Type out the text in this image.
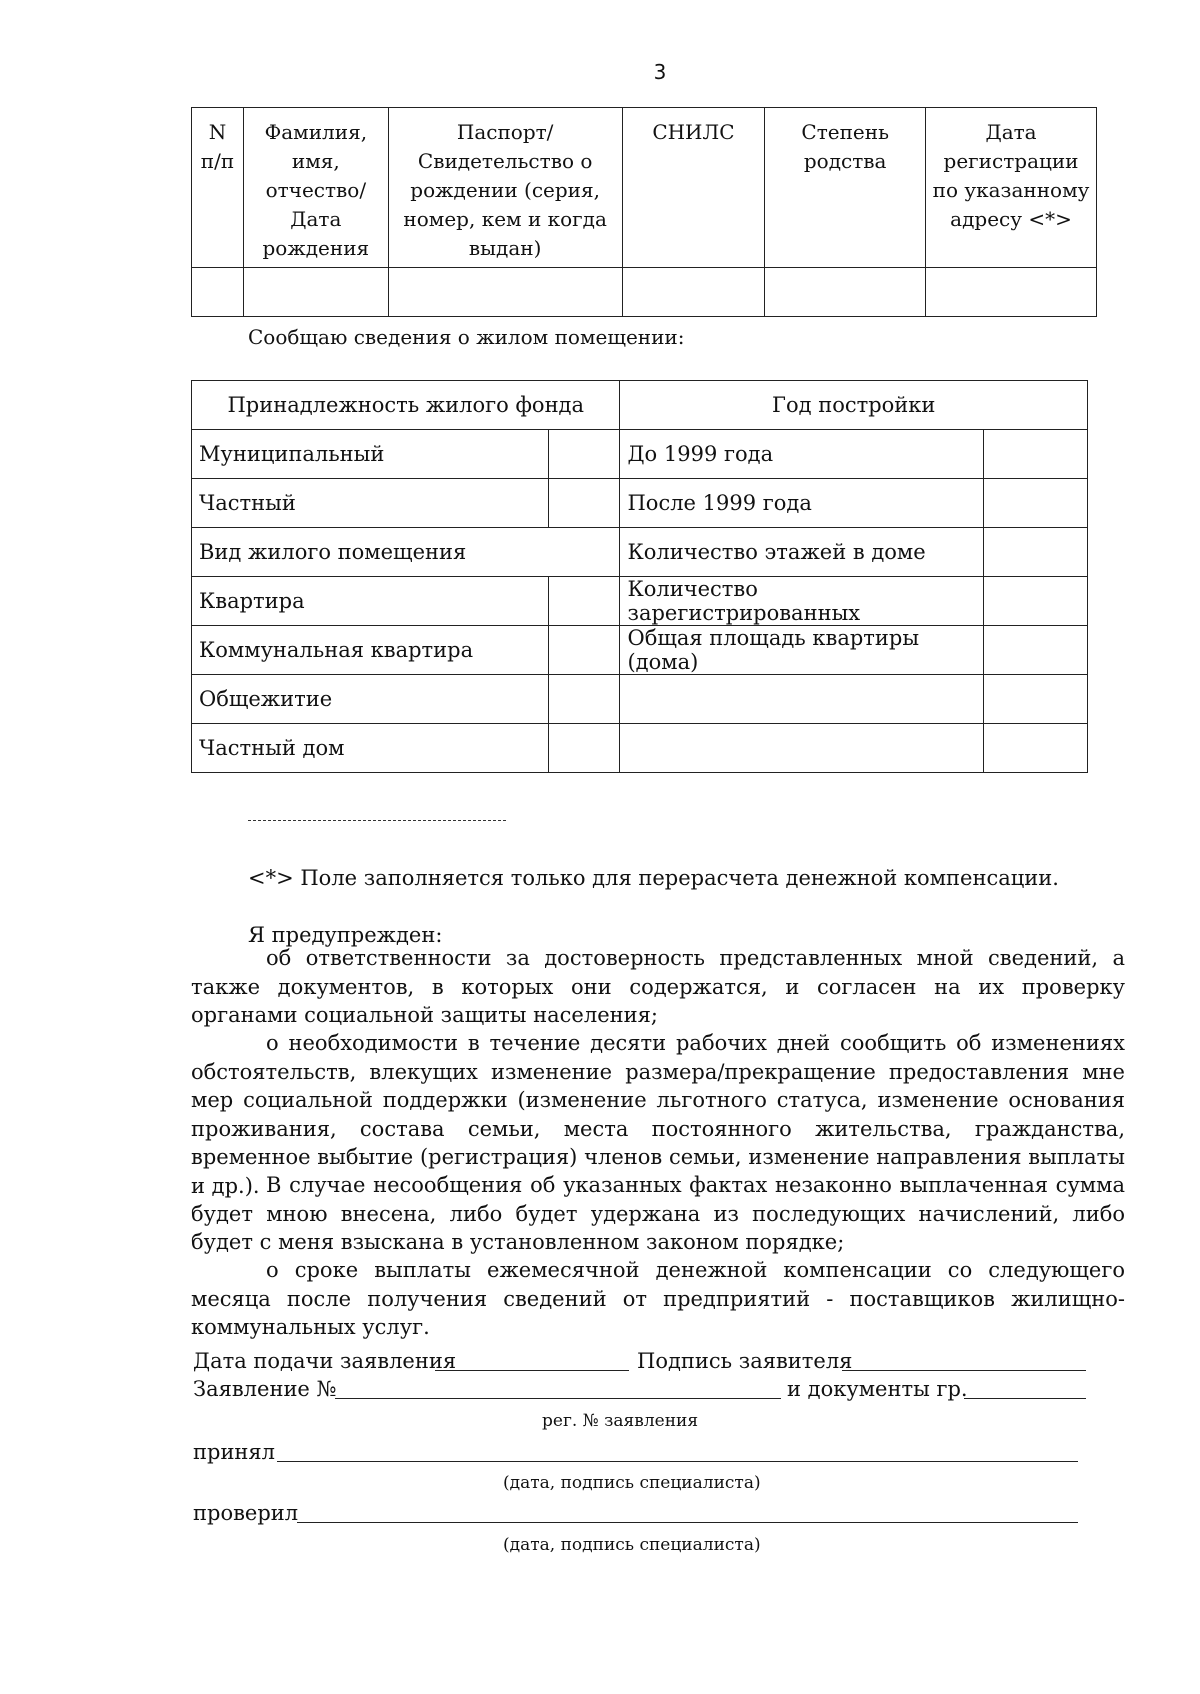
3
N п/п	Фамилия, имя, отчество/Дата рождения	Паспорт/Свидетельство о рождении (серия, номер, кем и когда выдан)	СНИЛС	Степень родства	Дата регистрации по указанному адресу <*>

Сообщаю сведения о жилом помещении:
Принадлежность жилого фонда		Год постройки	
Муниципальный		До 1999 года	
Частный		После 1999 года	
Вид жилого помещения		Количество этажей в доме	
Квартира		Количество зарегистрированных	
Коммунальная квартира		Общая площадь квартиры (дома)	
Общежитие			
Частный дом			
<*> Поле заполняется только для перерасчета денежной компенсации.
Я предупрежден:
об ответственности за достоверность представленных мной сведений, а также документов, в которых они содержатся, и согласен на их проверку органами социальной защиты населения;
о необходимости в течение десяти рабочих дней сообщить об изменениях обстоятельств, влекущих изменение размера/прекращение предоставления мне мер социальной поддержки (изменение льготного статуса, изменение основания проживания, состава семьи, места постоянного жительства, гражданства, временное выбытие (регистрация) членов семьи, изменение направления выплаты и др.). В случае несообщения об указанных фактах незаконно выплаченная сумма будет мною внесена, либо будет удержана из последующих начислений, либо будет с меня взыскана в установленном законом порядке;
о сроке выплаты ежемесячной денежной компенсации со следующего месяца после получения сведений от предприятий - поставщиков жилищно-коммунальных услуг.
Дата подачи заявления	Подпись заявителя
Заявление №	и документы гр.
рег. № заявления
принял
(дата, подпись специалиста)
проверил
(дата, подпись специалиста)
